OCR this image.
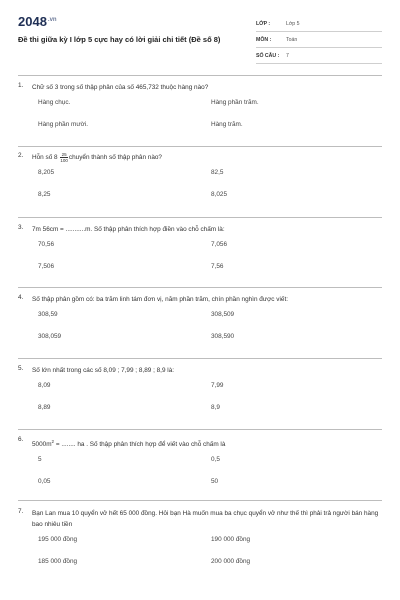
$2048^{.vn}$
Đề thi giữa kỳ I lớp 5 cực hay có lời giải chi tiết (Đề số 8)
LỚP :	Lớp 5
MÔN :	Toán
SỐ CÂU :	7
1.	Chữ số 3 trong số thập phân của số 465,732 thuộc hàng nào?
Hàng chục.	Hàng phần trăm.
Hàng phần mười.	Hàng trăm.
2.	Hỗn số $8 \frac{25}{100}$ chuyển thành số thập phân nào?
8,205	82,5
8,25	8,025
3.	7m 56cm = ...........m. Số thập phân thích hợp điền vào chỗ chấm là:
70,56	7,056
7,506	7,56
4.	Số thập phân gồm có: ba trăm linh tám đơn vị, năm phần trăm, chín phần nghìn được viết:
308,59	308,509
308,059	308,590
5.	Số lớn nhất trong các số 8,09 ; 7,99 ; 8,89 ; 8,9 là:
8,09	7,99
8,89	8,9
6.
$5000m^2$ = ........ ha . Số thập phân thích hợp để viết vào chỗ chấm là
5	0,5
0,05	50
7.	Bạn Lan mua 10 quyển vở hết 65 000 đồng. Hỏi bạn Hà muốn mua ba chục quyển vở như thế thì phải trả người bán hàng bao nhiêu tiền
195 000 đồng	190 000 đồng
185 000 đồng	200 000 đồng
